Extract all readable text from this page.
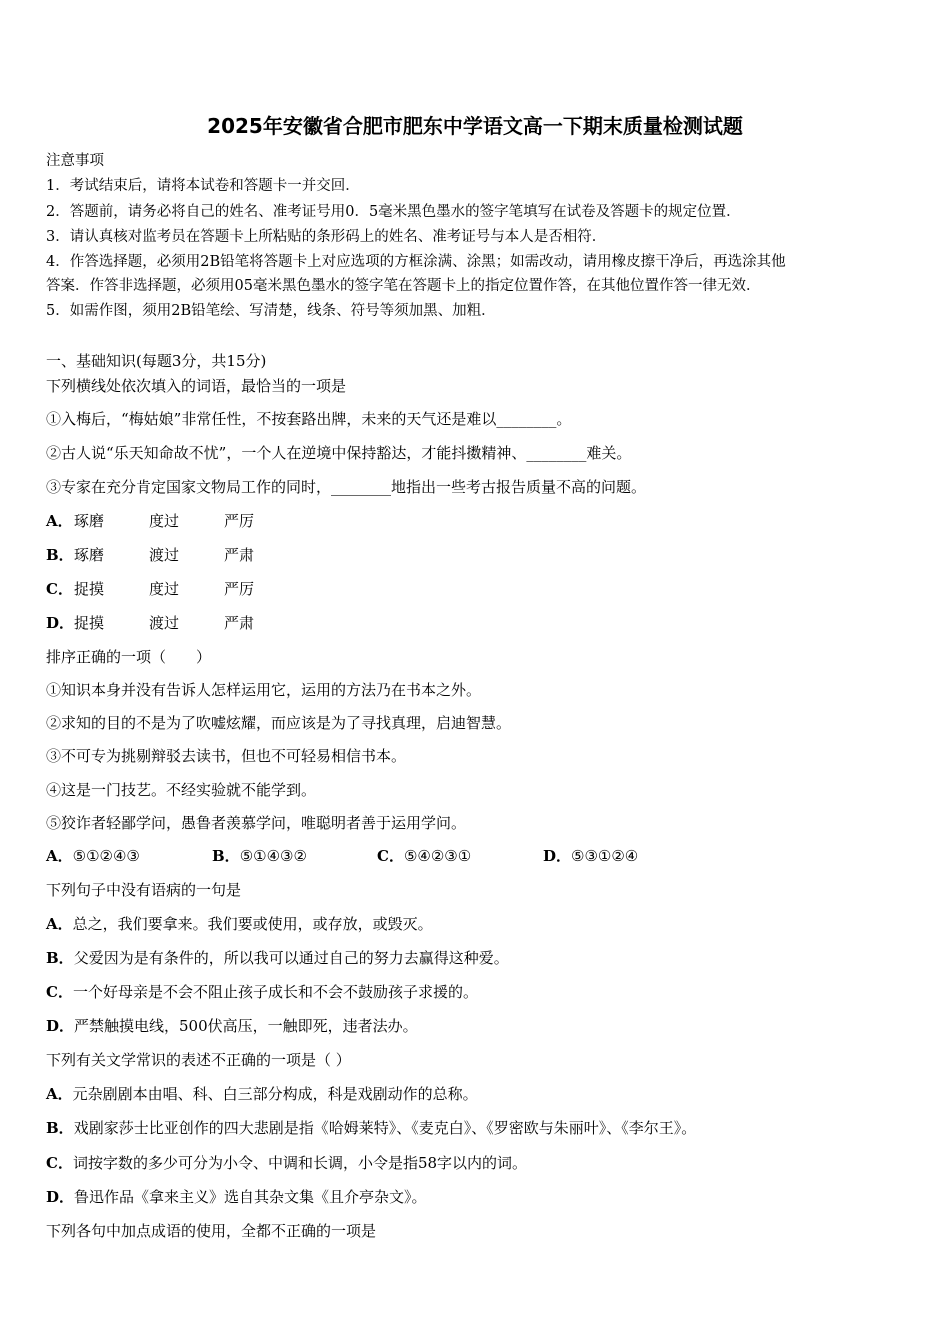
2025年安徽省合肥市肥东中学语文高一下期末质量检测试题
注意事项
1．考试结束后，请将本试卷和答题卡一并交回．
2．答题前，请务必将自己的姓名、准考证号用0．5毫米黑色墨水的签字笔填写在试卷及答题卡的规定位置．
3．请认真核对监考员在答题卡上所粘贴的条形码上的姓名、准考证号与本人是否相符．
4．作答选择题，必须用2B铅笔将答题卡上对应选项的方框涂满、涂黑；如需改动，请用橡皮擦干净后，再选涂其他
答案．作答非选择题，必须用05毫米黑色墨水的签字笔在答题卡上的指定位置作答，在其他位置作答一律无效．
5．如需作图，须用2B铅笔绘、写清楚，线条、符号等须加黑、加粗．
一、基础知识(每题3分，共15分)
下列横线处依次填入的词语，最恰当的一项是
①入梅后，“梅姑娘”非常任性，不按套路出牌，未来的天气还是难以________。
②古人说“乐天知命故不忧”，一个人在逆境中保持豁达，才能抖擞精神、________难关。
③专家在充分肯定国家文物局工作的同时，________地指出一些考古报告质量不高的问题。
A．琢磨	度过	严厉
B．琢磨	渡过	严肃
C．捉摸	度过	严厉
D．捉摸	渡过	严肃
排序正确的一项（　　）
①知识本身并没有告诉人怎样运用它，运用的方法乃在书本之外。
②求知的目的不是为了吹嘘炫耀，而应该是为了寻找真理，启迪智慧。
③不可专为挑剔辩驳去读书，但也不可轻易相信书本。
④这是一门技艺。不经实验就不能学到。
⑤狡诈者轻鄙学问，愚鲁者羡慕学问，唯聪明者善于运用学问。
A．⑤①②④③	B．⑤①④③②	C．⑤④②③①	D．⑤③①②④
下列句子中没有语病的一句是
A．总之，我们要拿来。我们要或使用，或存放，或毁灭。
B．父爱因为是有条件的，所以我可以通过自己的努力去赢得这种爱。
C．一个好母亲是不会不阻止孩子成长和不会不鼓励孩子求援的。
D．严禁触摸电线，500伏高压，一触即死，违者法办。
下列有关文学常识的表述不正确的一项是（ ）
A．元杂剧剧本由唱、科、白三部分构成，科是戏剧动作的总称。
B．戏剧家莎士比亚创作的四大悲剧是指《哈姆莱特》、《麦克白》、《罗密欧与朱丽叶》、《李尔王》。
C．词按字数的多少可分为小令、中调和长调，小令是指58字以内的词。
D．鲁迅作品《拿来主义》选自其杂文集《且介亭杂文》。
下列各句中加点成语的使用，全都不正确的一项是
